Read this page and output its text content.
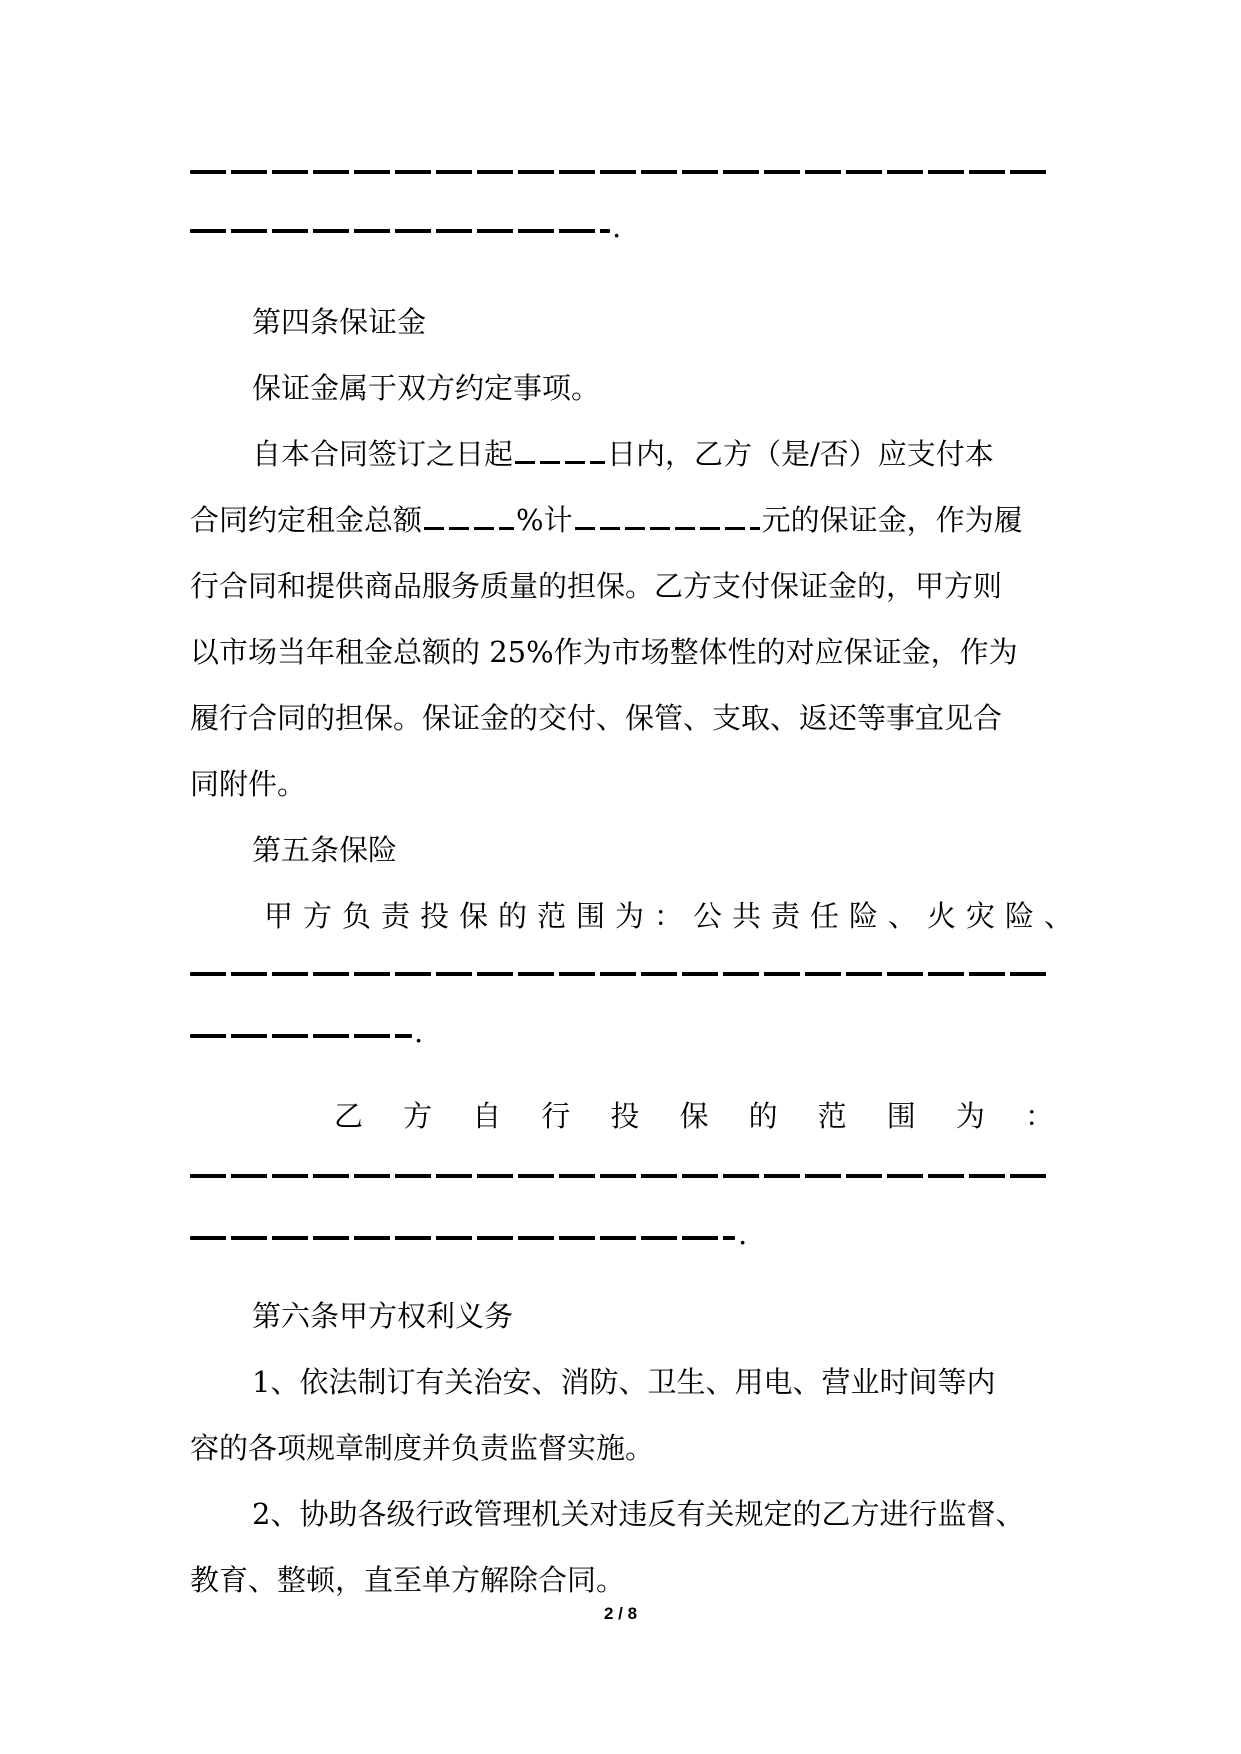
.
第四条保证金
保证金属于双方约定事项。
自本合同签订之日起	日内，乙方（是/否）应支付本
合同约定租金总额	%计	元的保证金，作为履
行合同和提供商品服务质量的担保。乙方支付保证金的，甲方则
以市场当年租金总额的 25%作为市场整体性的对应保证金，作为
履行合同的担保。保证金的交付、保管、支取、返还等事宜见合
同附件。
第五条保险
甲方负责投保的范围为：公共责任险、火灾险、
.
乙 方 自 行 投 保 的 范 围 为 ：
.
第六条甲方权利义务
1、依法制订有关治安、消防、卫生、用电、营业时间等内
容的各项规章制度并负责监督实施。
2、协助各级行政管理机关对违反有关规定的乙方进行监督、
教育、整顿，直至单方解除合同。
2 / 8
